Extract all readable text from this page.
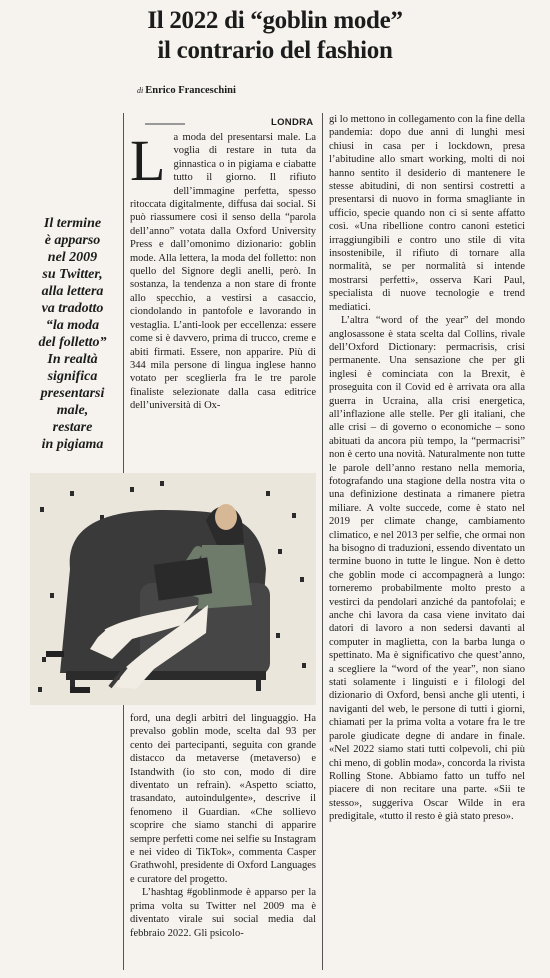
Il 2022 di “goblin mode”
il contrario del fashion
di Enrico Franceschini
Il termine
è apparso
nel 2009
su Twitter,
alla lettera
va tradotto
“la moda
del folletto”
In realtà
significa
presentarsi
male,
restare
in pigiama
LONDRA
L a moda del presentarsi male. La voglia di restare in tuta da ginnastica o in pigiama e ciabatte tutto il giorno. Il rifiuto dell’immagine perfetta, spesso ritoccata digitalmente, diffusa dai social. Si può riassumere così il senso della “parola dell’anno” votata dalla Oxford University Press e dall’omonimo dizionario: goblin mode. Alla lettera, la moda del folletto: non quello del Signore degli anelli, però. In sostanza, la tendenza a non stare di fronte allo specchio, a vestirsi a casaccio, ciondolando in pantofole e lavorando in vestaglia. L’anti-look per eccellenza: essere come si è davvero, prima di trucco, creme e abiti firmati. Essere, non apparire. Più di 344 mila persone di lingua inglese hanno votato per sceglierla fra le tre parole finaliste selezionate dalla casa editrice dell’università di Ox-

ford, una degli arbitri del linguaggio. Ha prevalso goblin mode, scelta dal 93 per cento dei partecipanti, seguita con grande distacco da metaverse (metaverso) e Istandwith (io sto con, modo di dire diventato un refrain). «Aspetto sciatto, trasandato, autoindulgente», descrive il fenomeno il Guardian. «Che sollievo scoprire che siamo stanchi di apparire sempre perfetti come nei selfie su Instagram e nei video di TikTok», commenta Casper Grathwohl, presidente di Oxford Languages e curatore del progetto.

L’hashtag #goblinmode è apparso per la prima volta su Twitter nel 2009 ma è diventato virale sui social media dal febbraio 2022. Gli psicolo-

gi lo mettono in collegamento con la fine della pandemia: dopo due anni di lunghi mesi chiusi in casa per i lockdown, presa l’abitudine allo smart working, molti di noi hanno sentito il desiderio di mantenere le stesse abitudini, di non sentirsi costretti a presentarsi di nuovo in forma smagliante in ufficio, specie quando non ci si sente affatto così. «Una ribellione contro canoni estetici irraggiungibili e contro uno stile di vita insostenibile, il rifiuto di tornare alla normalità, se per normalità si intende mostrarsi perfetti», osserva Kari Paul, specialista di nuove tecnologie e trend mediatici.

L’altra “word of the year” del mondo anglosassone è stata scelta dal Collins, rivale dell’Oxford Dictionary: permacrisis, crisi permanente. Una sensazione che per gli inglesi è cominciata con la Brexit, è proseguita con il Covid ed è arrivata ora alla guerra in Ucraina, alla crisi energetica, all’inflazione alle stelle. Per gli italiani, che alle crisi – di governo o economiche – sono abituati da ancora più tempo, la “permacrisi” non è certo una novità. Naturalmente non tutte le parole dell’anno restano nella memoria, fotografando una stagione della nostra vita o una definizione destinata a rimanere pietra miliare. A volte succede, come è stato nel 2019 per climate change, cambiamento climatico, e nel 2013 per selfie, che ormai non ha bisogno di traduzioni, essendo diventato un termine buono in tutte le lingue. Non è detto che goblin mode ci accompagnerà a lungo: torneremo probabilmente molto presto a vestirci da pendolari anziché da pantofolai; e anche chi lavora da casa viene invitato dai datori di lavoro a non sedersi davanti al computer in maglietta, con la barba lunga o spettinato. Ma è significativo che quest’anno, a scegliere la “word of the year”, non siano stati solamente i linguisti e i filologi del dizionario di Oxford, bensì anche gli utenti, i naviganti del web, le persone di tutti i giorni, chiamati per la prima volta a votare fra le tre parole giudicate degne di andare in finale. «Nel 2022 siamo stati tutti colpevoli, chi più chi meno, di goblin moda», concorda la rivista Rolling Stone. Abbiamo fatto un tuffo nel piacere di non recitare una parte. «Sii te stesso», suggeriva Oscar Wilde in era predigitale, «tutto il resto è già stato preso».
